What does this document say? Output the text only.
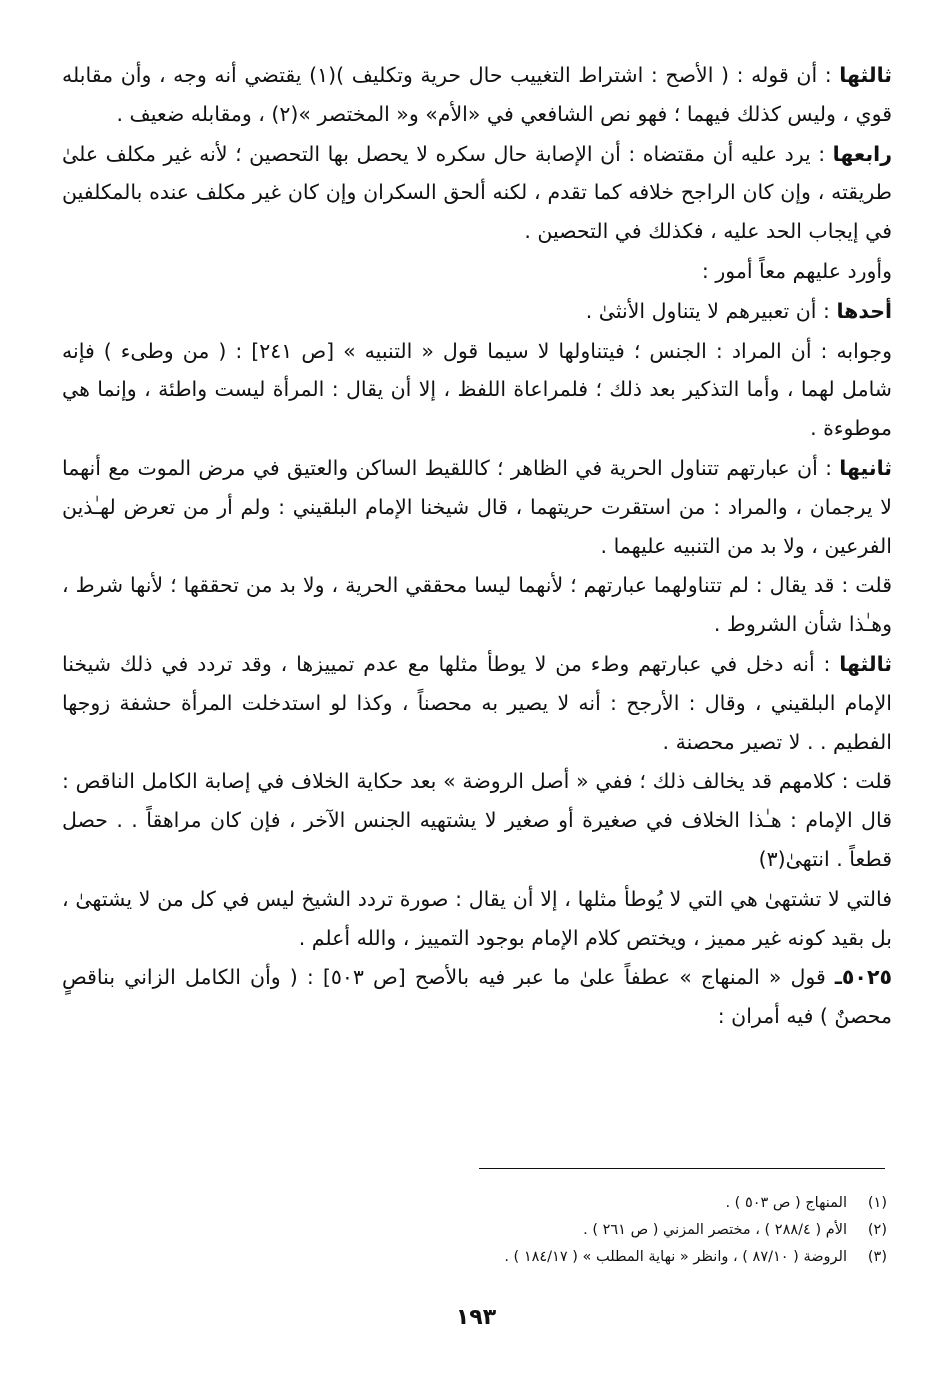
ثالثها : أن قوله : ( الأصح : اشتراط التغييب حال حرية وتكليف )(١) يقتضي أنه وجه ، وأن مقابله قوي ، وليس كذلك فيهما ؛ فهو نص الشافعي في «الأم» و« المختصر »(٢) ، ومقابله ضعيف .

رابعها : يرد عليه أن مقتضاه : أن الإصابة حال سكره لا يحصل بها التحصين ؛ لأنه غير مكلف علىٰ طريقته ، وإن كان الراجح خلافه كما تقدم ، لكنه ألحق السكران وإن كان غير مكلف عنده بالمكلفين في إيجاب الحد عليه ، فكذلك في التحصين .

وأورد عليهم معاً أمور :

أحدها : أن تعبيرهم لا يتناول الأنثىٰ .

وجوابه : أن المراد : الجنس ؛ فيتناولها لا سيما قول « التنبيه » [ص ٢٤١] : ( من وطىء ) فإنه شامل لهما ، وأما التذكير بعد ذلك ؛ فلمراعاة اللفظ ، إلا أن يقال : المرأة ليست واطئة ، وإنما هي موطوءة .

ثانيها : أن عبارتهم تتناول الحرية في الظاهر ؛ كاللقيط الساكن والعتيق في مرض الموت مع أنهما لا يرجمان ، والمراد : من استقرت حريتهما ، قال شيخنا الإمام البلقيني : ولم أر من تعرض لهـٰذين الفرعين ، ولا بد من التنبيه عليهما .

قلت : قد يقال : لم تتناولهما عبارتهم ؛ لأنهما ليسا محققي الحرية ، ولا بد من تحققها ؛ لأنها شرط ، وهـٰذا شأن الشروط .

ثالثها : أنه دخل في عبارتهم وطء من لا يوطأ مثلها مع عدم تمييزها ، وقد تردد في ذلك شيخنا الإمام البلقيني ، وقال : الأرجح : أنه لا يصير به محصناً ، وكذا لو استدخلت المرأة حشفة زوجها الفطيم . . لا تصير محصنة .

قلت : كلامهم قد يخالف ذلك ؛ ففي « أصل الروضة » بعد حكاية الخلاف في إصابة الكامل الناقص : قال الإمام : هـٰذا الخلاف في صغيرة أو صغير لا يشتهيه الجنس الآخر ، فإن كان مراهقاً . . حصل قطعاً . انتهىٰ(٣)

فالتي لا تشتهىٰ هي التي لا يُوطأ مثلها ، إلا أن يقال : صورة تردد الشيخ ليس في كل من لا يشتهىٰ ، بل بقيد كونه غير مميز ، ويختص كلام الإمام بوجود التمييز ، والله أعلم .

٥٠٢٥ـ قول « المنهاج » عطفاً علىٰ ما عبر فيه بالأصح [ص ٥٠٣] : ( وأن الكامل الزاني بناقصٍ محصنٌ ) فيه أمران :

(١)المنهاج ( ص ٥٠٣ ) .
(٢)الأم ( ٢٨٨/٤ ) ، مختصر المزني ( ص ٢٦١ ) .
(٣)الروضة ( ٨٧/١٠ ) ، وانظر « نهاية المطلب » ( ١٨٤/١٧ ) .
١٩٣
